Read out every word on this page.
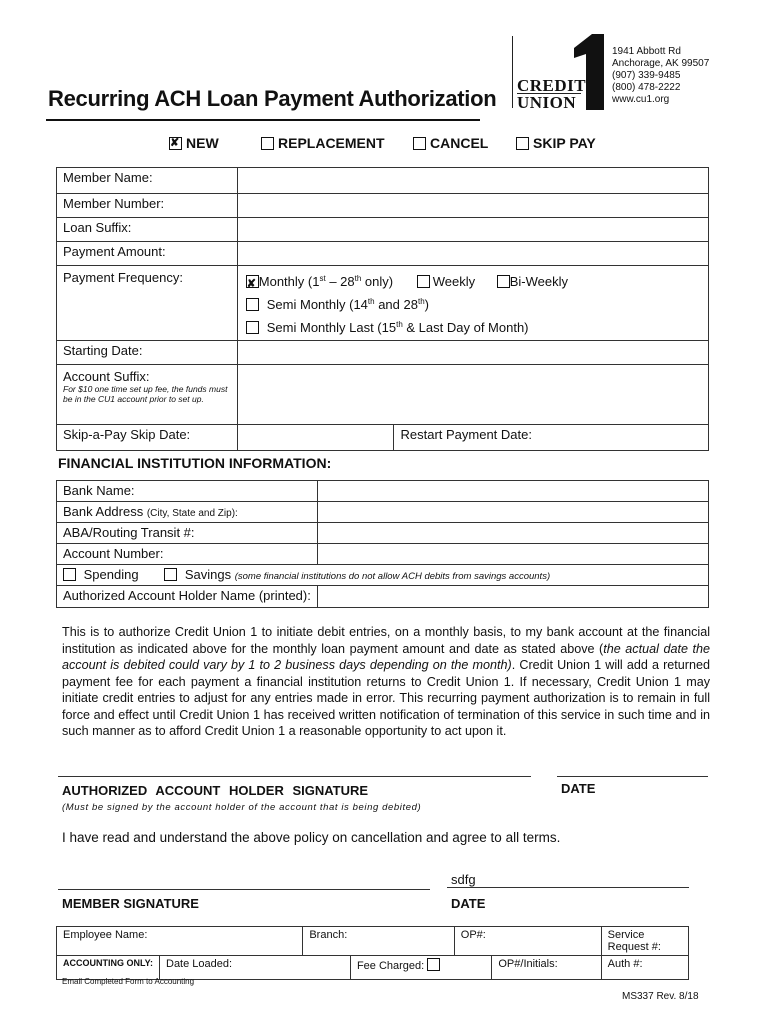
Recurring ACH Loan Payment Authorization
CREDIT
UNION
1941 Abbott Rd
Anchorage, AK 99507
(907) 339-9485
(800) 478-2222
www.cu1.org
✘NEW	REPLACEMENT	CANCEL	SKIP PAY
Member Name:		
Member Number:		
Loan Suffix:		
Payment Amount:		
Payment Frequency:	
✘Monthly (1st – 28th only) Weekly Bi-Weekly
Semi Monthly (14th and 28th)
Semi Monthly Last (15th & Last Day of Month)

Starting Date:		

Account Suffix:
For $10 one time set up fee, the funds must be in the CU1 account prior to set up.		

Skip-a-Pay Skip Date:		Restart Payment Date:
FINANCIAL INSTITUTION INFORMATION:
Bank Name:	
Bank Address (City, State and Zip):	
ABA/Routing Transit #:	
Account Number:	
Spending Savings (some financial institutions do not allow ACH debits from savings accounts)	
Authorized Account Holder Name (printed):	
This is to authorize Credit Union 1 to initiate debit entries, on a monthly basis, to my bank account at the financial institution as indicated above for the monthly loan payment amount and date as stated above (the actual date the account is debited could vary by 1 to 2 business days depending on the month). Credit Union 1 will add a returned payment fee for each payment a financial institution returns to Credit Union 1. If necessary, Credit Union 1 may initiate credit entries to adjust for any entries made in error. This recurring payment authorization is to remain in full force and effect until Credit Union 1 has received written notification of termination of this service in such time and in such manner as to afford Credit Union 1 a reasonable opportunity to act upon it.
AUTHORIZED ACCOUNT HOLDER SIGNATURE	DATE
(Must be signed by the account holder of the account that is being debited)
I have read and understand the above policy on cancellation and agree to all terms.
sdfg
MEMBER SIGNATURE	DATE
Employee Name:		Branch:		OP#:		Service Request #:
ACCOUNTING ONLY:	Date Loaded:		Fee Charged:		OP#/Initials:	Auth #:
Email Completed Form to Accounting
MS337 Rev. 8/18
